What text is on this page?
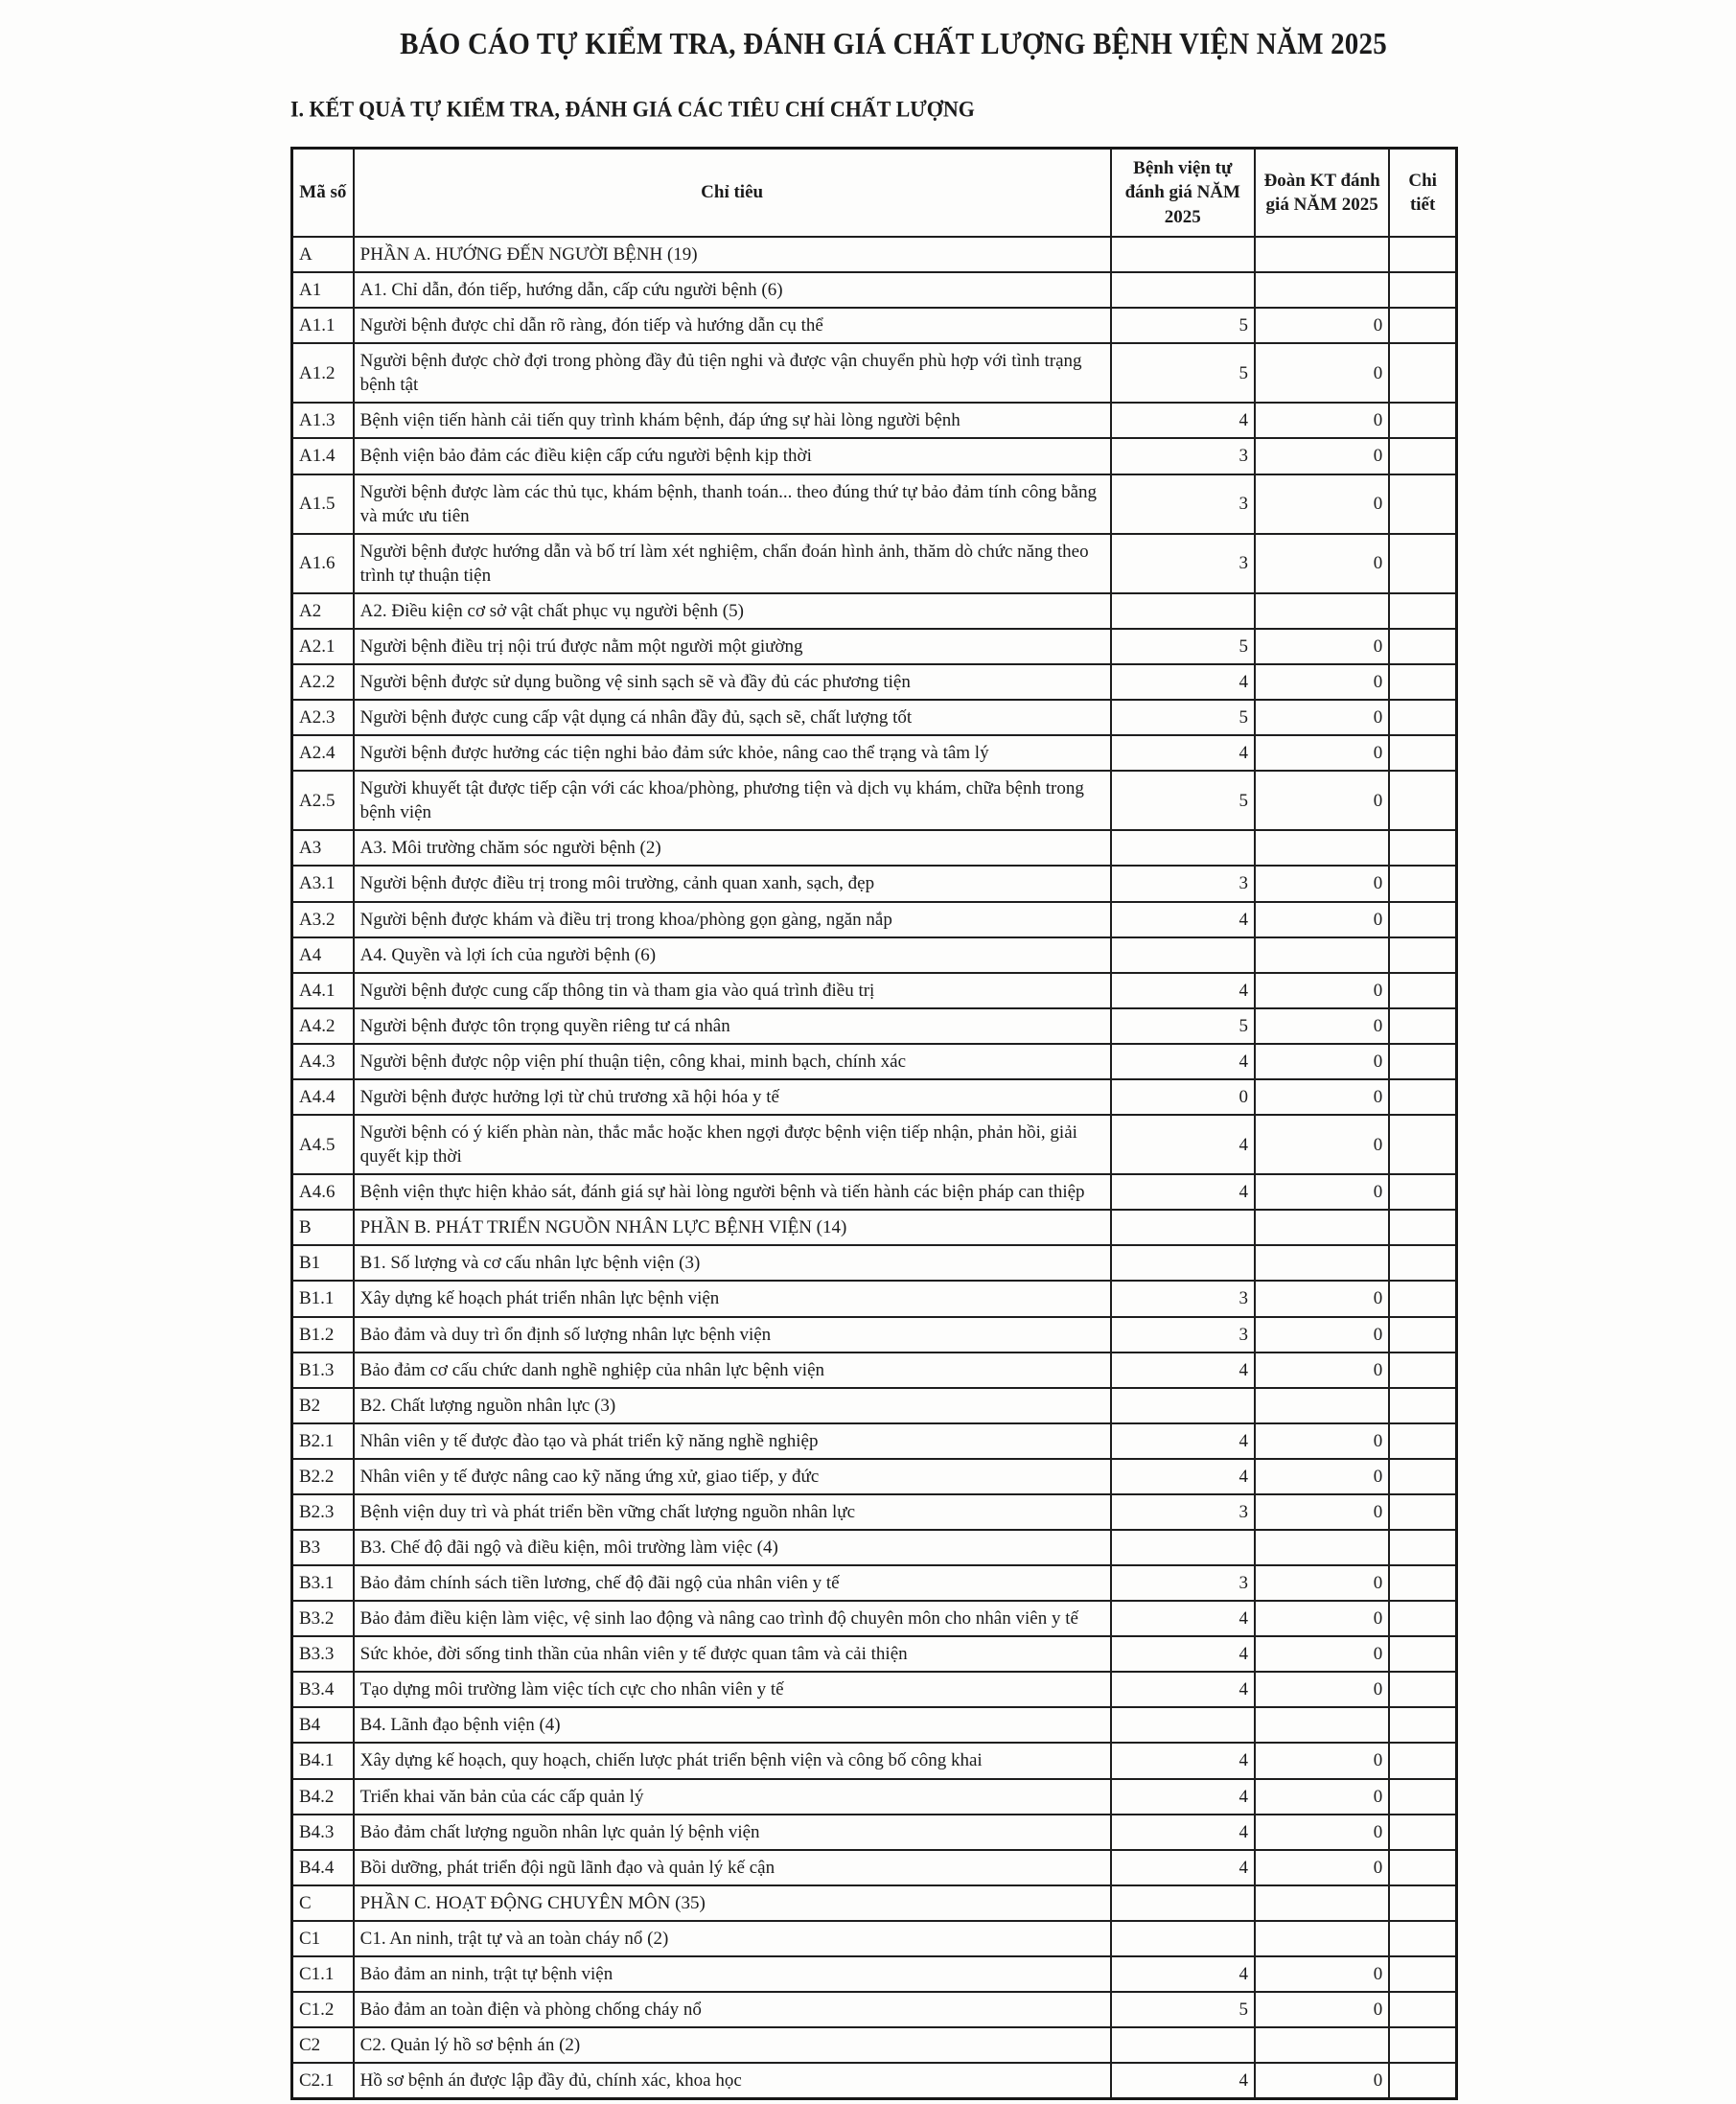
BÁO CÁO TỰ KIỂM TRA, ĐÁNH GIÁ CHẤT LƯỢNG BỆNH VIỆN NĂM 2025
I. KẾT QUẢ TỰ KIỂM TRA, ĐÁNH GIÁ CÁC TIÊU CHÍ CHẤT LƯỢNG
Mã số	Chỉ tiêu	Bệnh viện tự đánh giá NĂM 2025	Đoàn KT đánh giá NĂM 2025	Chi tiết
A	PHẦN A. HƯỚNG ĐẾN NGƯỜI BỆNH (19)			
A1	A1. Chỉ dẫn, đón tiếp, hướng dẫn, cấp cứu người bệnh (6)			
A1.1	Người bệnh được chỉ dẫn rõ ràng, đón tiếp và hướng dẫn cụ thể	5	0	
A1.2	Người bệnh được chờ đợi trong phòng đầy đủ tiện nghi và được vận chuyển phù hợp với tình trạng bệnh tật	5	0	
A1.3	Bệnh viện tiến hành cải tiến quy trình khám bệnh, đáp ứng sự hài lòng người bệnh	4	0	
A1.4	Bệnh viện bảo đảm các điều kiện cấp cứu người bệnh kịp thời	3	0	
A1.5	Người bệnh được làm các thủ tục, khám bệnh, thanh toán... theo đúng thứ tự bảo đảm tính công bằng và mức ưu tiên	3	0	
A1.6	Người bệnh được hướng dẫn và bố trí làm xét nghiệm, chẩn đoán hình ảnh, thăm dò chức năng theo trình tự thuận tiện	3	0	
A2	A2. Điều kiện cơ sở vật chất phục vụ người bệnh (5)			
A2.1	Người bệnh điều trị nội trú được nằm một người một giường	5	0	
A2.2	Người bệnh được sử dụng buồng vệ sinh sạch sẽ và đầy đủ các phương tiện	4	0	
A2.3	Người bệnh được cung cấp vật dụng cá nhân đầy đủ, sạch sẽ, chất lượng tốt	5	0	
A2.4	Người bệnh được hưởng các tiện nghi bảo đảm sức khỏe, nâng cao thể trạng và tâm lý	4	0	
A2.5	Người khuyết tật được tiếp cận với các khoa/phòng, phương tiện và dịch vụ khám, chữa bệnh trong bệnh viện	5	0	
A3	A3. Môi trường chăm sóc người bệnh (2)			
A3.1	Người bệnh được điều trị trong môi trường, cảnh quan xanh, sạch, đẹp	3	0	
A3.2	Người bệnh được khám và điều trị trong khoa/phòng gọn gàng, ngăn nắp	4	0	
A4	A4. Quyền và lợi ích của người bệnh (6)			
A4.1	Người bệnh được cung cấp thông tin và tham gia vào quá trình điều trị	4	0	
A4.2	Người bệnh được tôn trọng quyền riêng tư cá nhân	5	0	
A4.3	Người bệnh được nộp viện phí thuận tiện, công khai, minh bạch, chính xác	4	0	
A4.4	Người bệnh được hưởng lợi từ chủ trương xã hội hóa y tế	0	0	
A4.5	Người bệnh có ý kiến phàn nàn, thắc mắc hoặc khen ngợi được bệnh viện tiếp nhận, phản hồi, giải quyết kịp thời	4	0	
A4.6	Bệnh viện thực hiện khảo sát, đánh giá sự hài lòng người bệnh và tiến hành các biện pháp can thiệp	4	0	
B	PHẦN B. PHÁT TRIỂN NGUỒN NHÂN LỰC BỆNH VIỆN (14)			
B1	B1. Số lượng và cơ cấu nhân lực bệnh viện (3)			
B1.1	Xây dựng kế hoạch phát triển nhân lực bệnh viện	3	0	
B1.2	Bảo đảm và duy trì ổn định số lượng nhân lực bệnh viện	3	0	
B1.3	Bảo đảm cơ cấu chức danh nghề nghiệp của nhân lực bệnh viện	4	0	
B2	B2. Chất lượng nguồn nhân lực (3)			
B2.1	Nhân viên y tế được đào tạo và phát triển kỹ năng nghề nghiệp	4	0	
B2.2	Nhân viên y tế được nâng cao kỹ năng ứng xử, giao tiếp, y đức	4	0	
B2.3	Bệnh viện duy trì và phát triển bền vững chất lượng nguồn nhân lực	3	0	
B3	B3. Chế độ đãi ngộ và điều kiện, môi trường làm việc (4)			
B3.1	Bảo đảm chính sách tiền lương, chế độ đãi ngộ của nhân viên y tế	3	0	
B3.2	Bảo đảm điều kiện làm việc, vệ sinh lao động và nâng cao trình độ chuyên môn cho nhân viên y tế	4	0	
B3.3	Sức khỏe, đời sống tinh thần của nhân viên y tế được quan tâm và cải thiện	4	0	
B3.4	Tạo dựng môi trường làm việc tích cực cho nhân viên y tế	4	0	
B4	B4. Lãnh đạo bệnh viện (4)			
B4.1	Xây dựng kế hoạch, quy hoạch, chiến lược phát triển bệnh viện và công bố công khai	4	0	
B4.2	Triển khai văn bản của các cấp quản lý	4	0	
B4.3	Bảo đảm chất lượng nguồn nhân lực quản lý bệnh viện	4	0	
B4.4	Bồi dưỡng, phát triển đội ngũ lãnh đạo và quản lý kế cận	4	0	
C	PHẦN C. HOẠT ĐỘNG CHUYÊN MÔN (35)			
C1	C1. An ninh, trật tự và an toàn cháy nổ (2)			
C1.1	Bảo đảm an ninh, trật tự bệnh viện	4	0	
C1.2	Bảo đảm an toàn điện và phòng chống cháy nổ	5	0	
C2	C2. Quản lý hồ sơ bệnh án (2)			
C2.1	Hồ sơ bệnh án được lập đầy đủ, chính xác, khoa học	4	0	
